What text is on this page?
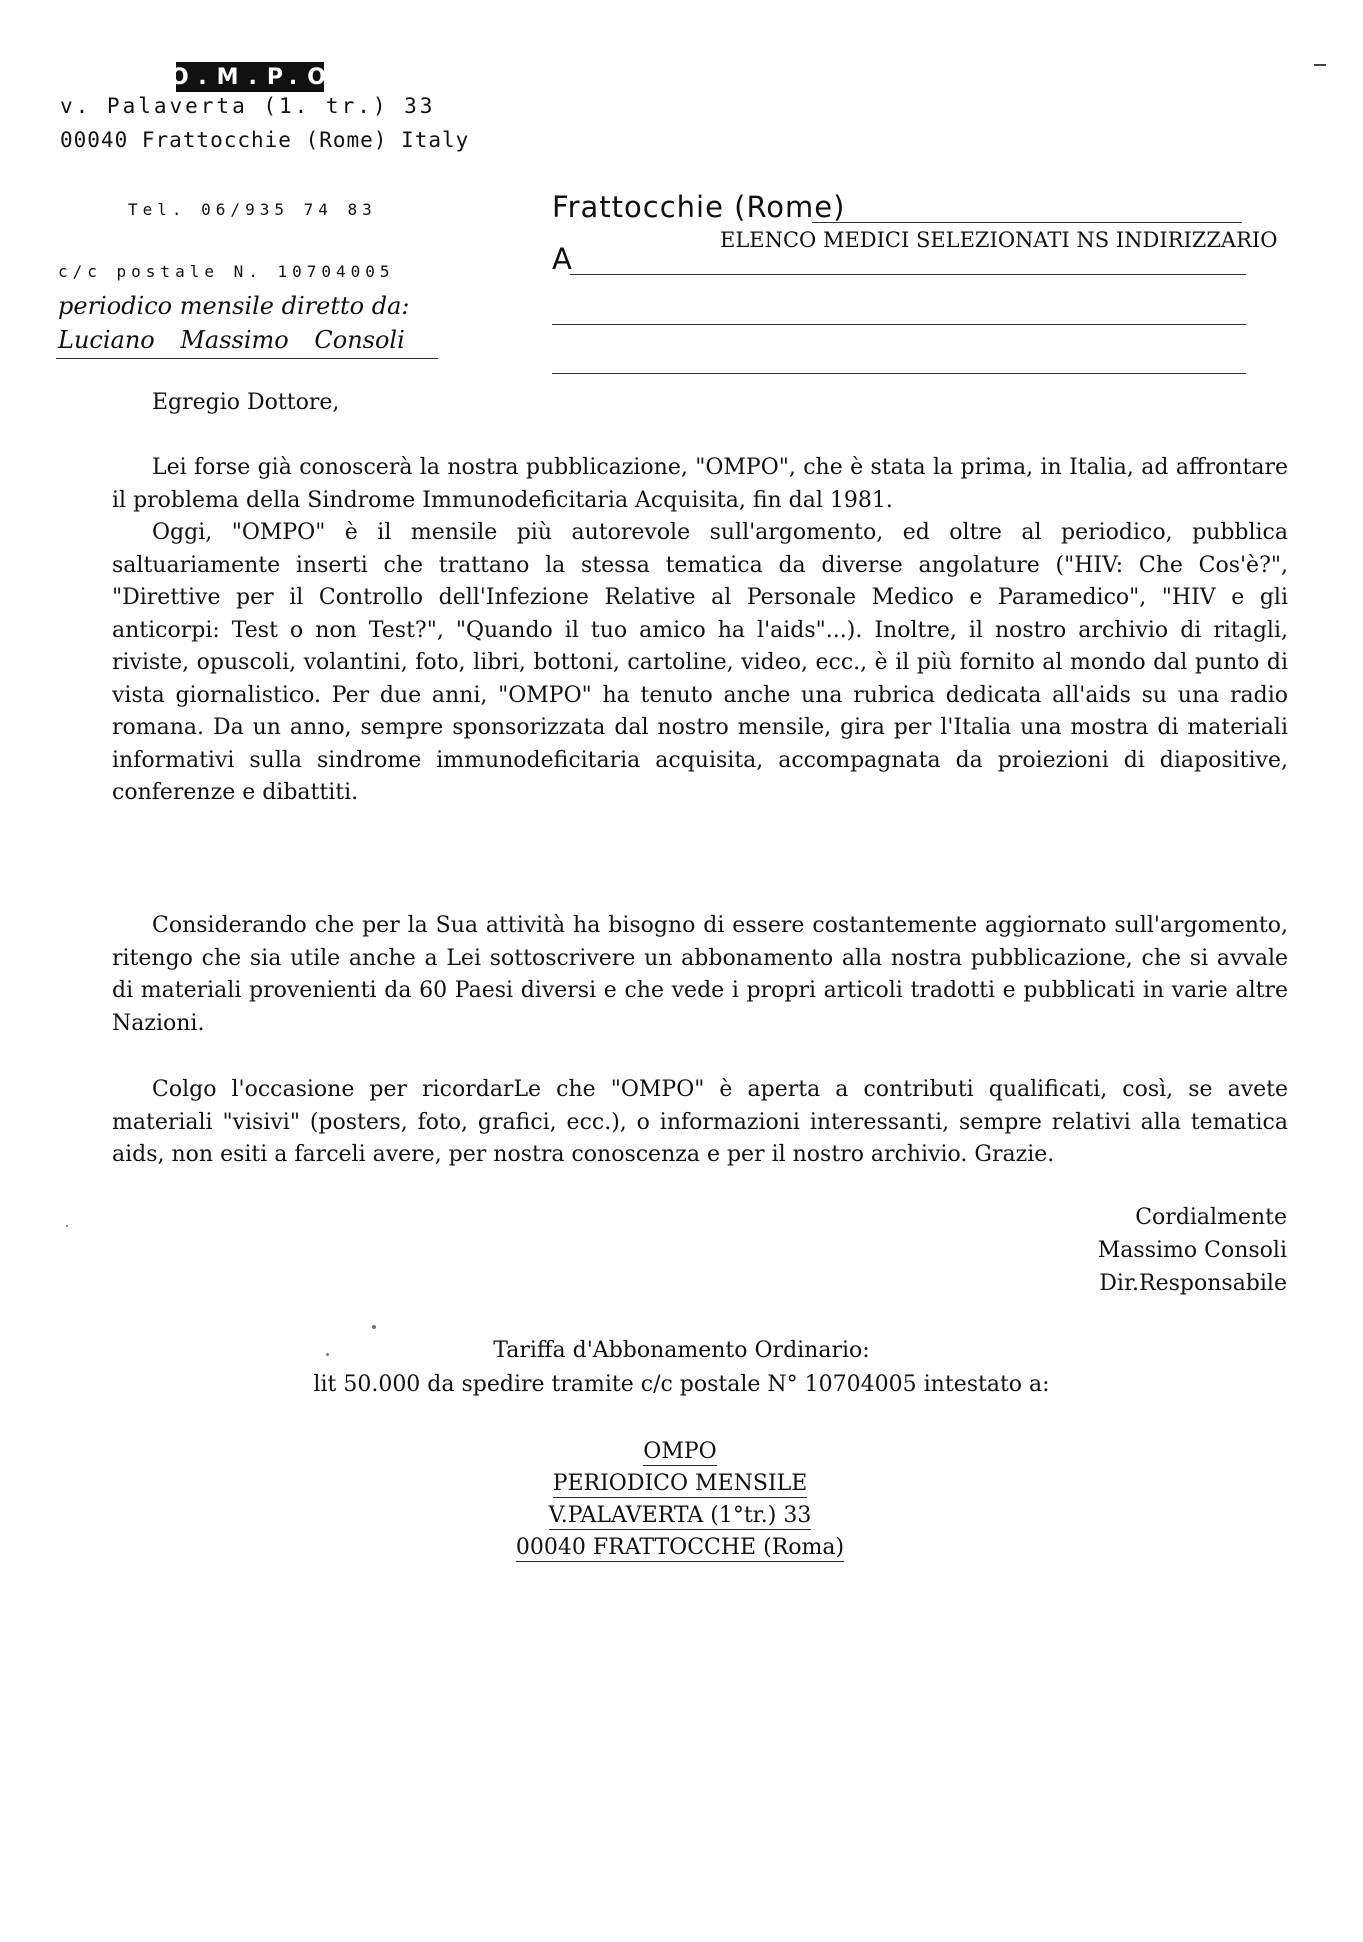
O.M.P.O
v. Palaverta (1. tr.) 33
00040 Frattocchie (Rome) Italy
Tel. 06/935 74 83
c/c postale N. 10704005
periodico mensile diretto da:
Luciano Massimo Consoli
Frattocchie (Rome)
ELENCO MEDICI SELEZIONATI NS INDIRIZZARIO
A
Egregio Dottore,

Lei forse già conoscerà la nostra pubblicazione, "OMPO", che è stata la prima, in Italia, ad affrontare il problema della Sindrome Immunodeficitaria Acquisita, fin dal 1981.

Oggi, "OMPO" è il mensile più autorevole sull'argomento, ed oltre al periodico, pubblica saltuariamente inserti che trattano la stessa tematica da diverse angolature ("HIV: Che Cos'è?", "Direttive per il Controllo dell'Infezione Relative al Personale Medico e Paramedico", "HIV e gli anticorpi: Test o non Test?", "Quando il tuo amico ha l'aids"...). Inoltre, il nostro archivio di ritagli, riviste, opuscoli, volantini, foto, libri, bottoni, cartoline, video, ecc., è il più fornito al mondo dal punto di vista giornalistico. Per due anni, "OMPO" ha tenuto anche una rubrica dedicata all'aids su una radio romana. Da un anno, sempre sponsorizzata dal nostro mensile, gira per l'Italia una mostra di materiali informativi sulla sindrome immunodeficitaria acquisita, accompagnata da proiezioni di diapositive, conferenze e dibattiti.

Considerando che per la Sua attività ha bisogno di essere costantemente aggiornato sull'argomento, ritengo che sia utile anche a Lei sottoscrivere un abbonamento alla nostra pubblicazione, che si avvale di materiali provenienti da 60 Paesi diversi e che vede i propri articoli tradotti e pubblicati in varie altre Nazioni.

Colgo l'occasione per ricordarLe che "OMPO" è aperta a contributi qualificati, così, se avete materiali "visivi" (posters, foto, grafici, ecc.), o informazioni interessanti, sempre relativi alla tematica aids, non esiti a farceli avere, per nostra conoscenza e per il nostro archivio. Grazie.

Cordialmente
Massimo Consoli
Dir.Responsabile
Tariffa d'Abbonamento Ordinario:
lit 50.000 da spedire tramite c/c postale N° 10704005 intestato a:
OMPO
PERIODICO MENSILE
V.PALAVERTA (1°tr.) 33
00040 FRATTOCCHE (Roma)
